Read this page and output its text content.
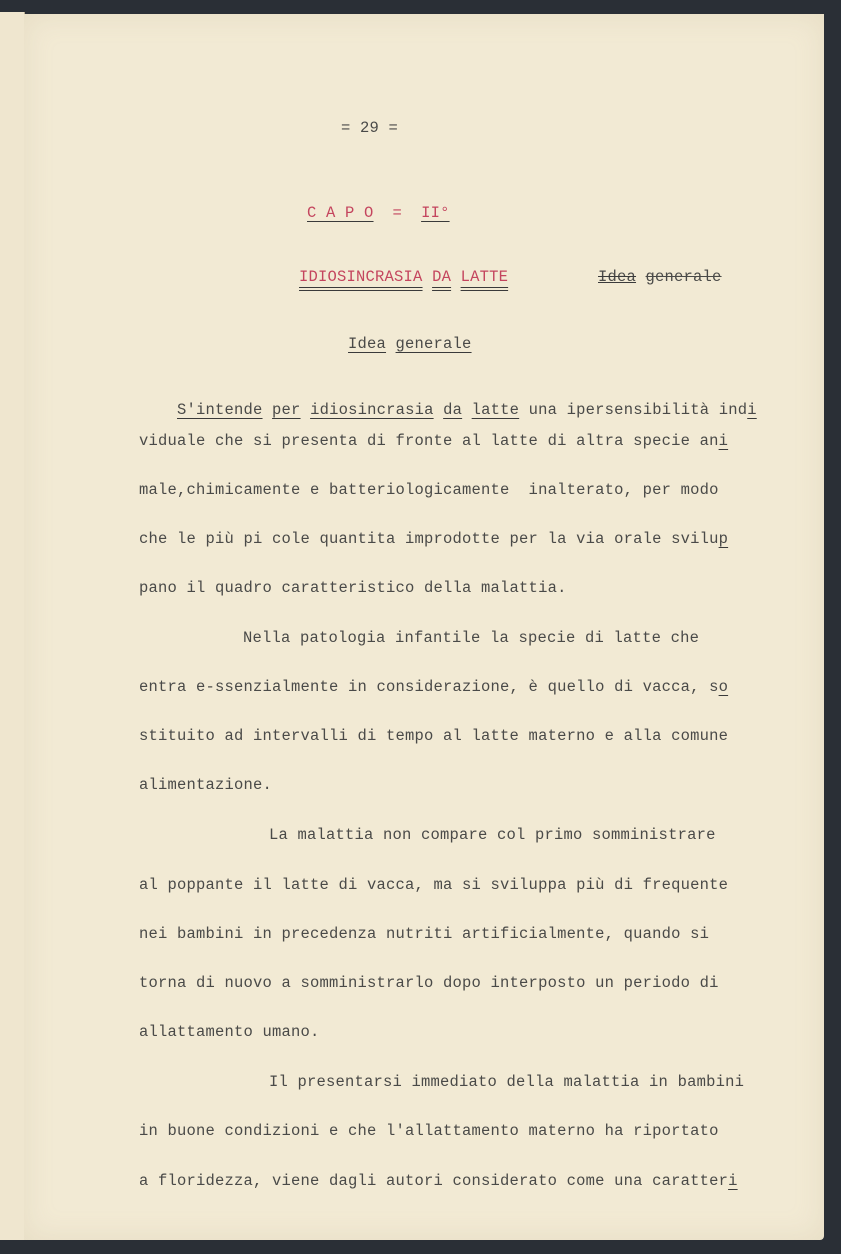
= 29 =

C A P O = II°

IDIOSINCRASIA DA LATTE
	Idea generale

Idea generale

S'intende per idiosincrasia da latte una ipersensibilità indi

viduale che si presenta di fronte al latte di altra specie ani
male,chimicamente e batteriologicamente  inalterato, per modo
che le più pi cole quantita improdotte per la via orale svilup
pano il quadro caratteristico della malattia.
Nella patologia infantile la specie di latte che
entra e-ssenzialmente in considerazione, è quello di vacca, so
stituito ad intervalli di tempo al latte materno e alla comune
alimentazione.
La malattia non compare col primo somministrare
al poppante il latte di vacca, ma si sviluppa più di frequente
nei bambini in precedenza nutriti artificialmente, quando si
torna di nuovo a somministrarlo dopo interposto un periodo di
allattamento umano.
Il presentarsi immediato della malattia in bambini
in buone condizioni e che l'allattamento materno ha riportato
a floridezza, viene dagli autori considerato come una caratteri
